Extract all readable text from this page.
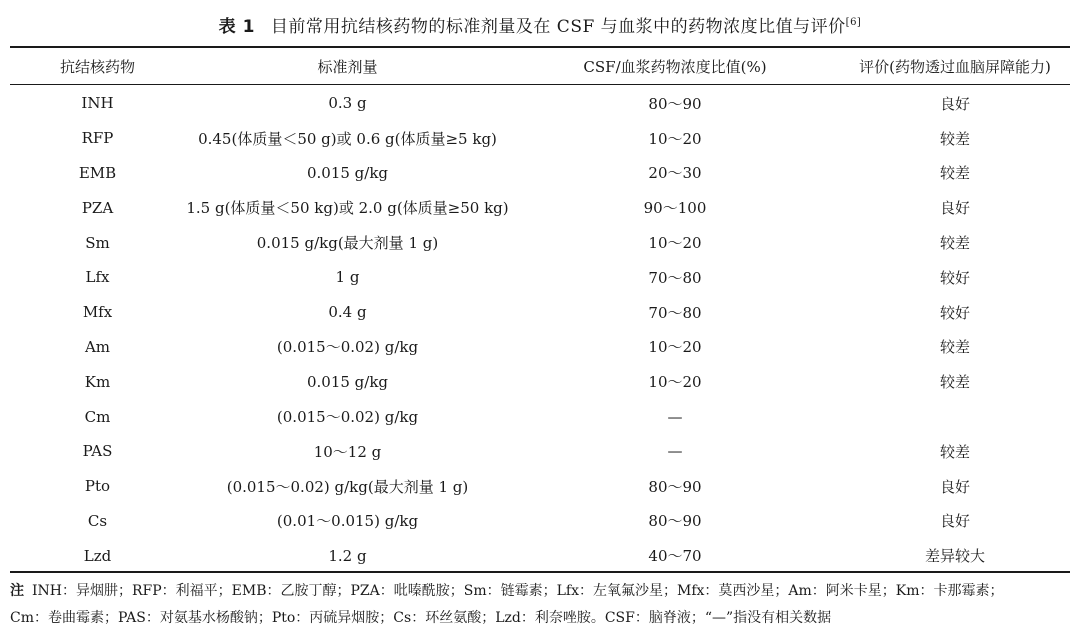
表 1 目前常用抗结核药物的标准剂量及在 CSF 与血浆中的药物浓度比值与评价[6]
抗结核药物	标准剂量	CSF/血浆药物浓度比值(%)	评价(药物透过血脑屏障能力)
INH	0.3 g	80～90	良好
RFP	0.45(体质量＜50 g)或 0.6 g(体质量≥5 kg)	10～20	较差
EMB	0.015 g/kg	20～30	较差
PZA	1.5 g(体质量＜50 kg)或 2.0 g(体质量≥50 kg)	90～100	良好
Sm	0.015 g/kg(最大剂量 1 g)	10～20	较差
Lfx	1 g	70～80	较好
Mfx	0.4 g	70～80	较好
Am	(0.015～0.02) g/kg	10～20	较差
Km	0.015 g/kg	10～20	较差
Cm	(0.015～0.02) g/kg	—
PAS	10～12 g	—	较差
Pto	(0.015～0.02) g/kg(最大剂量 1 g)	80～90	良好
Cs	(0.01～0.015) g/kg	80～90	良好
Lzd	1.2 g	40～70	差异较大
注 INH：异烟肼；RFP：利福平；EMB：乙胺丁醇；PZA：吡嗪酰胺；Sm：链霉素；Lfx：左氧氟沙星；Mfx：莫西沙星；Am：阿米卡星；Km：卡那霉素；
Cm：卷曲霉素；PAS：对氨基水杨酸钠；Pto：丙硫异烟胺；Cs：环丝氨酸；Lzd：利奈唑胺。CSF：脑脊液；“—”指没有相关数据
